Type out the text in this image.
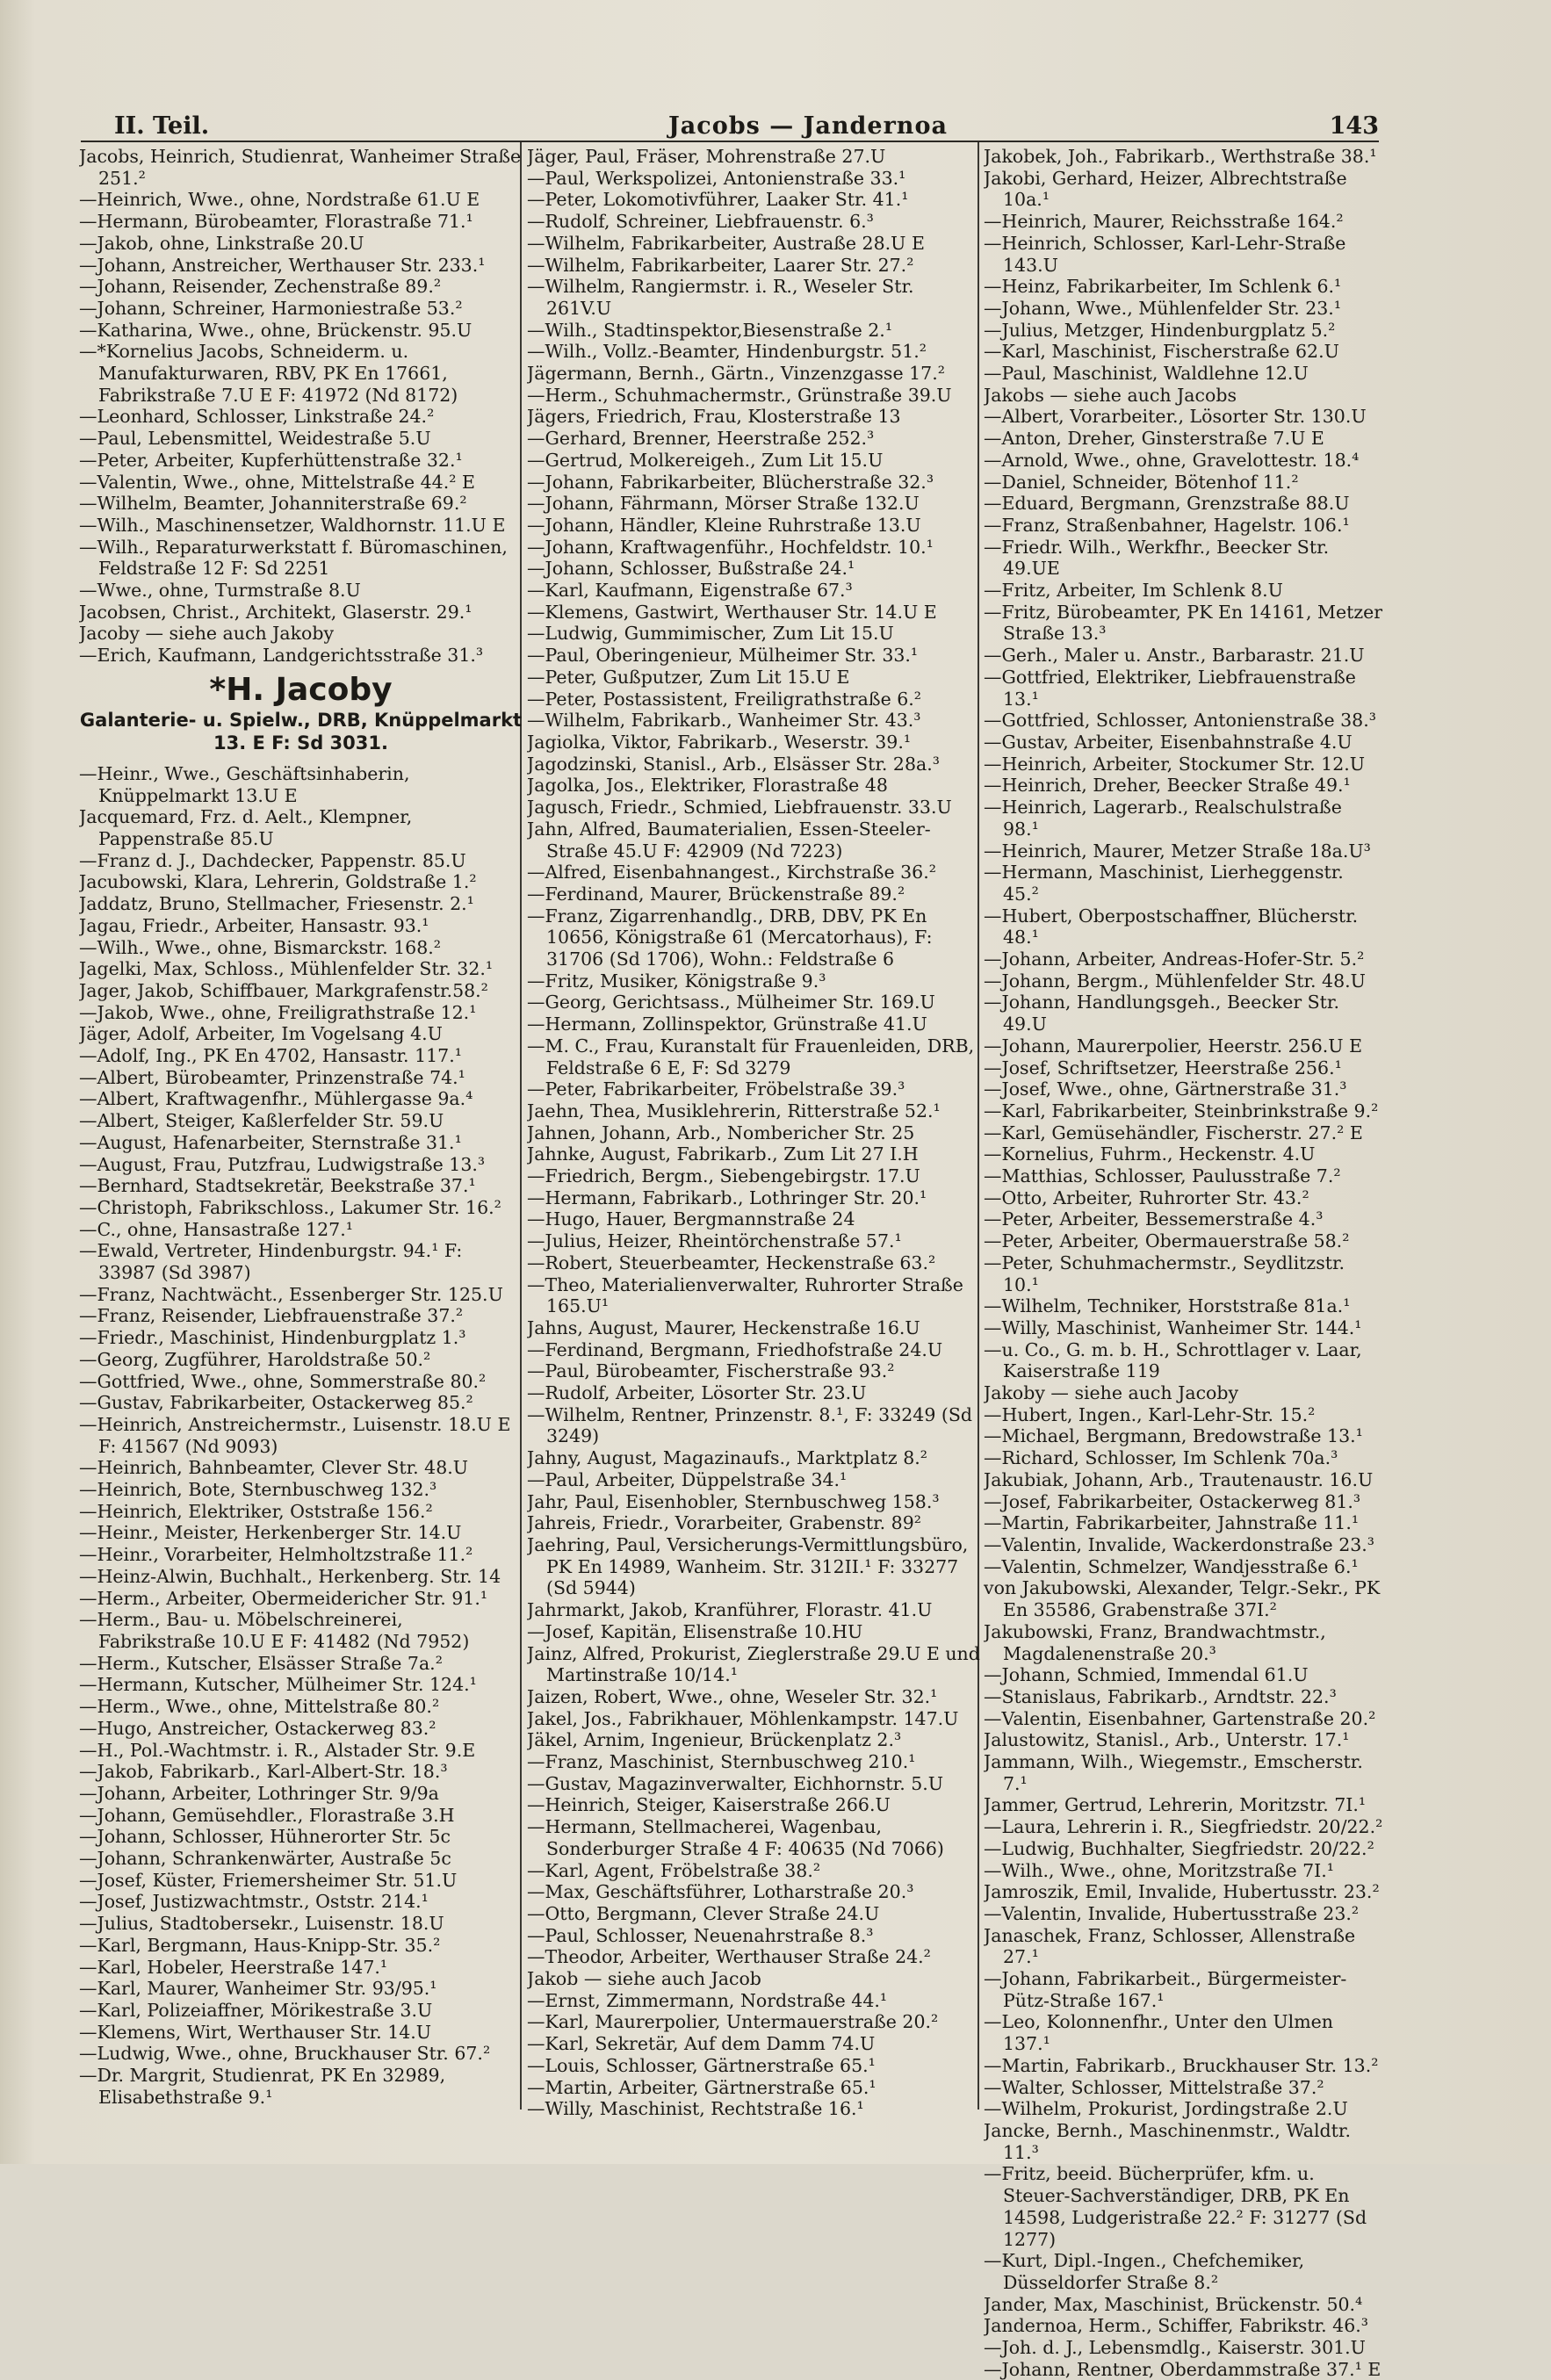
II. Teil.	Jacobs — Jandernoa	143

Jacobs, Heinrich, Studienrat, Wanheimer Straße 251.²

—Heinrich, Wwe., ohne, Nordstraße 61.U E

—Hermann, Bürobeamter, Florastraße 71.¹

—Jakob, ohne, Linkstraße 20.U

—Johann, Anstreicher, Werthauser Str. 233.¹

—Johann, Reisender, Zechenstraße 89.²

—Johann, Schreiner, Harmoniestraße 53.²

—Katharina, Wwe., ohne, Brückenstr. 95.U

—*Kornelius Jacobs, Schneiderm. u. Manufakturwaren, RBV, PK En 17661, Fabrikstraße 7.U E F: 41972 (Nd 8172)

—Leonhard, Schlosser, Linkstraße 24.²

—Paul, Lebensmittel, Weidestraße 5.U

—Peter, Arbeiter, Kupferhüttenstraße 32.¹

—Valentin, Wwe., ohne, Mittelstraße 44.² E

—Wilhelm, Beamter, Johanniterstraße 69.²

—Wilh., Maschinensetzer, Waldhornstr. 11.U E

—Wilh., Reparaturwerkstatt f. Büromaschinen, Feldstraße 12 F: Sd 2251

—Wwe., ohne, Turmstraße 8.U

Jacobsen, Christ., Architekt, Glaserstr. 29.¹

Jacoby — siehe auch Jakoby

—Erich, Kaufmann, Landgerichtsstraße 31.³

*H. Jacoby
Galanterie- u. Spielw., DRB, Knüppelmarkt 13. E F: Sd 3031.

—Heinr., Wwe., Geschäftsinhaberin, Knüppelmarkt 13.U E

Jacquemard, Frz. d. Aelt., Klempner, Pappenstraße 85.U

—Franz d. J., Dachdecker, Pappenstr. 85.U

Jacubowski, Klara, Lehrerin, Goldstraße 1.²

Jaddatz, Bruno, Stellmacher, Friesenstr. 2.¹

Jagau, Friedr., Arbeiter, Hansastr. 93.¹

—Wilh., Wwe., ohne, Bismarckstr. 168.²

Jagelki, Max, Schloss., Mühlenfelder Str. 32.¹

Jager, Jakob, Schiffbauer, Markgrafenstr.58.²

—Jakob, Wwe., ohne, Freiligrathstraße 12.¹

Jäger, Adolf, Arbeiter, Im Vogelsang 4.U

—Adolf, Ing., PK En 4702, Hansastr. 117.¹

—Albert, Bürobeamter, Prinzenstraße 74.¹

—Albert, Kraftwagenfhr., Mühlergasse 9a.⁴

—Albert, Steiger, Kaßlerfelder Str. 59.U

—August, Hafenarbeiter, Sternstraße 31.¹

—August, Frau, Putzfrau, Ludwigstraße 13.³

—Bernhard, Stadtsekretär, Beekstraße 37.¹

—Christoph, Fabrikschloss., Lakumer Str. 16.²

—C., ohne, Hansastraße 127.¹

—Ewald, Vertreter, Hindenburgstr. 94.¹ F: 33987 (Sd 3987)

—Franz, Nachtwächt., Essenberger Str. 125.U

—Franz, Reisender, Liebfrauenstraße 37.²

—Friedr., Maschinist, Hindenburgplatz 1.³

—Georg, Zugführer, Haroldstraße 50.²

—Gottfried, Wwe., ohne, Sommerstraße 80.²

—Gustav, Fabrikarbeiter, Ostackerweg 85.²

—Heinrich, Anstreichermstr., Luisenstr. 18.U E F: 41567 (Nd 9093)

—Heinrich, Bahnbeamter, Clever Str. 48.U

—Heinrich, Bote, Sternbuschweg 132.³

—Heinrich, Elektriker, Oststraße 156.²

—Heinr., Meister, Herkenberger Str. 14.U

—Heinr., Vorarbeiter, Helmholtzstraße 11.²

—Heinz-Alwin, Buchhalt., Herkenberg. Str. 14

—Herm., Arbeiter, Obermeidericher Str. 91.¹

—Herm., Bau- u. Möbelschreinerei, Fabrikstraße 10.U E F: 41482 (Nd 7952)

—Herm., Kutscher, Elsässer Straße 7a.²

—Hermann, Kutscher, Mülheimer Str. 124.¹

—Herm., Wwe., ohne, Mittelstraße 80.²

—Hugo, Anstreicher, Ostackerweg 83.²

—H., Pol.-Wachtmstr. i. R., Alstader Str. 9.E

—Jakob, Fabrikarb., Karl-Albert-Str. 18.³

—Johann, Arbeiter, Lothringer Str. 9/9a

—Johann, Gemüsehdler., Florastraße 3.H

—Johann, Schlosser, Hühnerorter Str. 5c

—Johann, Schrankenwärter, Austraße 5c

—Josef, Küster, Friemersheimer Str. 51.U

—Josef, Justizwachtmstr., Oststr. 214.¹

—Julius, Stadtobersekr., Luisenstr. 18.U

—Karl, Bergmann, Haus-Knipp-Str. 35.²

—Karl, Hobeler, Heerstraße 147.¹

—Karl, Maurer, Wanheimer Str. 93/95.¹

—Karl, Polizeiaffner, Mörikestraße 3.U

—Klemens, Wirt, Werthauser Str. 14.U

—Ludwig, Wwe., ohne, Bruckhauser Str. 67.²

—Dr. Margrit, Studienrat, PK En 32989, Elisabethstraße 9.¹

Jäger, Paul, Fräser, Mohrenstraße 27.U

—Paul, Werkspolizei, Antonienstraße 33.¹

—Peter, Lokomotivführer, Laaker Str. 41.¹

—Rudolf, Schreiner, Liebfrauenstr. 6.³

—Wilhelm, Fabrikarbeiter, Austraße 28.U E

—Wilhelm, Fabrikarbeiter, Laarer Str. 27.²

—Wilhelm, Rangiermstr. i. R., Weseler Str. 261V.U

—Wilh., Stadtinspektor,Biesenstraße 2.¹

—Wilh., Vollz.-Beamter, Hindenburgstr. 51.²

Jägermann, Bernh., Gärtn., Vinzenzgasse 17.²

—Herm., Schuhmachermstr., Grünstraße 39.U

Jägers, Friedrich, Frau, Klosterstraße 13

—Gerhard, Brenner, Heerstraße 252.³

—Gertrud, Molkereigeh., Zum Lit 15.U

—Johann, Fabrikarbeiter, Blücherstraße 32.³

—Johann, Fährmann, Mörser Straße 132.U

—Johann, Händler, Kleine Ruhrstraße 13.U

—Johann, Kraftwagenführ., Hochfeldstr. 10.¹

—Johann, Schlosser, Bußstraße 24.¹

—Karl, Kaufmann, Eigenstraße 67.³

—Klemens, Gastwirt, Werthauser Str. 14.U E

—Ludwig, Gummimischer, Zum Lit 15.U

—Paul, Oberingenieur, Mülheimer Str. 33.¹

—Peter, Gußputzer, Zum Lit 15.U E

—Peter, Postassistent, Freiligrathstraße 6.²

—Wilhelm, Fabrikarb., Wanheimer Str. 43.³

Jagiolka, Viktor, Fabrikarb., Weserstr. 39.¹

Jagodzinski, Stanisl., Arb., Elsässer Str. 28a.³

Jagolka, Jos., Elektriker, Florastraße 48

Jagusch, Friedr., Schmied, Liebfrauenstr. 33.U

Jahn, Alfred, Baumaterialien, Essen-Steeler-Straße 45.U F: 42909 (Nd 7223)

—Alfred, Eisenbahnangest., Kirchstraße 36.²

—Ferdinand, Maurer, Brückenstraße 89.²

—Franz, Zigarrenhandlg., DRB, DBV, PK En 10656, Königstraße 61 (Mercatorhaus), F: 31706 (Sd 1706), Wohn.: Feldstraße 6

—Fritz, Musiker, Königstraße 9.³

—Georg, Gerichtsass., Mülheimer Str. 169.U

—Hermann, Zollinspektor, Grünstraße 41.U

—M. C., Frau, Kuranstalt für Frauenleiden, DRB, Feldstraße 6 E, F: Sd 3279

—Peter, Fabrikarbeiter, Fröbelstraße 39.³

Jaehn, Thea, Musiklehrerin, Ritterstraße 52.¹

Jahnen, Johann, Arb., Nombericher Str. 25

Jahnke, August, Fabrikarb., Zum Lit 27 I.H

—Friedrich, Bergm., Siebengebirgstr. 17.U

—Hermann, Fabrikarb., Lothringer Str. 20.¹

—Hugo, Hauer, Bergmannstraße 24

—Julius, Heizer, Rheintörchenstraße 57.¹

—Robert, Steuerbeamter, Heckenstraße 63.²

—Theo, Materialienverwalter, Ruhrorter Straße 165.U¹

Jahns, August, Maurer, Heckenstraße 16.U

—Ferdinand, Bergmann, Friedhofstraße 24.U

—Paul, Bürobeamter, Fischerstraße 93.²

—Rudolf, Arbeiter, Lösorter Str. 23.U

—Wilhelm, Rentner, Prinzenstr. 8.¹, F: 33249 (Sd 3249)

Jahny, August, Magazinaufs., Marktplatz 8.²

—Paul, Arbeiter, Düppelstraße 34.¹

Jahr, Paul, Eisenhobler, Sternbuschweg 158.³

Jahreis, Friedr., Vorarbeiter, Grabenstr. 89²

Jaehring, Paul, Versicherungs-Vermittlungsbüro, PK En 14989, Wanheim. Str. 312II.¹ F: 33277 (Sd 5944)

Jahrmarkt, Jakob, Kranführer, Florastr. 41.U

—Josef, Kapitän, Elisenstraße 10.HU

Jainz, Alfred, Prokurist, Zieglerstraße 29.U E und Martinstraße 10/14.¹

Jaizen, Robert, Wwe., ohne, Weseler Str. 32.¹

Jakel, Jos., Fabrikhauer, Möhlenkampstr. 147.U

Jäkel, Arnim, Ingenieur, Brückenplatz 2.³

—Franz, Maschinist, Sternbuschweg 210.¹

—Gustav, Magazinverwalter, Eichhornstr. 5.U

—Heinrich, Steiger, Kaiserstraße 266.U

—Hermann, Stellmacherei, Wagenbau, Sonderburger Straße 4 F: 40635 (Nd 7066)

—Karl, Agent, Fröbelstraße 38.²

—Max, Geschäftsführer, Lotharstraße 20.³

—Otto, Bergmann, Clever Straße 24.U

—Paul, Schlosser, Neuenahrstraße 8.³

—Theodor, Arbeiter, Werthauser Straße 24.²

Jakob — siehe auch Jacob

—Ernst, Zimmermann, Nordstraße 44.¹

—Karl, Maurerpolier, Untermauerstraße 20.²

—Karl, Sekretär, Auf dem Damm 74.U

—Louis, Schlosser, Gärtnerstraße 65.¹

—Martin, Arbeiter, Gärtnerstraße 65.¹

—Willy, Maschinist, Rechtstraße 16.¹

Jakobek, Joh., Fabrikarb., Werthstraße 38.¹

Jakobi, Gerhard, Heizer, Albrechtstraße 10a.¹

—Heinrich, Maurer, Reichsstraße 164.²

—Heinrich, Schlosser, Karl-Lehr-Straße 143.U

—Heinz, Fabrikarbeiter, Im Schlenk 6.¹

—Johann, Wwe., Mühlenfelder Str. 23.¹

—Julius, Metzger, Hindenburgplatz 5.²

—Karl, Maschinist, Fischerstraße 62.U

—Paul, Maschinist, Waldlehne 12.U

Jakobs — siehe auch Jacobs

—Albert, Vorarbeiter., Lösorter Str. 130.U

—Anton, Dreher, Ginsterstraße 7.U E

—Arnold, Wwe., ohne, Gravelottestr. 18.⁴

—Daniel, Schneider, Bötenhof 11.²

—Eduard, Bergmann, Grenzstraße 88.U

—Franz, Straßenbahner, Hagelstr. 106.¹

—Friedr. Wilh., Werkfhr., Beecker Str. 49.UE

—Fritz, Arbeiter, Im Schlenk 8.U

—Fritz, Bürobeamter, PK En 14161, Metzer Straße 13.³

—Gerh., Maler u. Anstr., Barbarastr. 21.U

—Gottfried, Elektriker, Liebfrauenstraße 13.¹

—Gottfried, Schlosser, Antonienstraße 38.³

—Gustav, Arbeiter, Eisenbahnstraße 4.U

—Heinrich, Arbeiter, Stockumer Str. 12.U

—Heinrich, Dreher, Beecker Straße 49.¹

—Heinrich, Lagerarb., Realschulstraße 98.¹

—Heinrich, Maurer, Metzer Straße 18a.U³

—Hermann, Maschinist, Lierheggenstr. 45.²

—Hubert, Oberpostschaffner, Blücherstr. 48.¹

—Johann, Arbeiter, Andreas-Hofer-Str. 5.²

—Johann, Bergm., Mühlenfelder Str. 48.U

—Johann, Handlungsgeh., Beecker Str. 49.U

—Johann, Maurerpolier, Heerstr. 256.U E

—Josef, Schriftsetzer, Heerstraße 256.¹

—Josef, Wwe., ohne, Gärtnerstraße 31.³

—Karl, Fabrikarbeiter, Steinbrinkstraße 9.²

—Karl, Gemüsehändler, Fischerstr. 27.² E

—Kornelius, Fuhrm., Heckenstr. 4.U

—Matthias, Schlosser, Paulusstraße 7.²

—Otto, Arbeiter, Ruhrorter Str. 43.²

—Peter, Arbeiter, Bessemerstraße 4.³

—Peter, Arbeiter, Obermauerstraße 58.²

—Peter, Schuhmachermstr., Seydlitzstr. 10.¹

—Wilhelm, Techniker, Horststraße 81a.¹

—Willy, Maschinist, Wanheimer Str. 144.¹

—u. Co., G. m. b. H., Schrottlager v. Laar, Kaiserstraße 119

Jakoby — siehe auch Jacoby

—Hubert, Ingen., Karl-Lehr-Str. 15.²

—Michael, Bergmann, Bredowstraße 13.¹

—Richard, Schlosser, Im Schlenk 70a.³

Jakubiak, Johann, Arb., Trautenaustr. 16.U

—Josef, Fabrikarbeiter, Ostackerweg 81.³

—Martin, Fabrikarbeiter, Jahnstraße 11.¹

—Valentin, Invalide, Wackerdonstraße 23.³

—Valentin, Schmelzer, Wandjesstraße 6.¹

von Jakubowski, Alexander, Telgr.-Sekr., PK En 35586, Grabenstraße 37I.²

Jakubowski, Franz, Brandwachtmstr., Magdalenenstraße 20.³

—Johann, Schmied, Immendal 61.U

—Stanislaus, Fabrikarb., Arndtstr. 22.³

—Valentin, Eisenbahner, Gartenstraße 20.²

Jalustowitz, Stanisl., Arb., Unterstr. 17.¹

Jammann, Wilh., Wiegemstr., Emscherstr. 7.¹

Jammer, Gertrud, Lehrerin, Moritzstr. 7I.¹

—Laura, Lehrerin i. R., Siegfriedstr. 20/22.²

—Ludwig, Buchhalter, Siegfriedstr. 20/22.²

—Wilh., Wwe., ohne, Moritzstraße 7I.¹

Jamroszik, Emil, Invalide, Hubertusstr. 23.²

—Valentin, Invalide, Hubertusstraße 23.²

Janaschek, Franz, Schlosser, Allenstraße 27.¹

—Johann, Fabrikarbeit., Bürgermeister-Pütz-Straße 167.¹

—Leo, Kolonnenfhr., Unter den Ulmen 137.¹

—Martin, Fabrikarb., Bruckhauser Str. 13.²

—Walter, Schlosser, Mittelstraße 37.²

—Wilhelm, Prokurist, Jordingstraße 2.U

Jancke, Bernh., Maschinenmstr., Waldtr. 11.³

—Fritz, beeid. Bücherprüfer, kfm. u. Steuer-Sachverständiger, DRB, PK En 14598, Ludgeristraße 22.² F: 31277 (Sd 1277)

—Kurt, Dipl.-Ingen., Chefchemiker, Düsseldorfer Straße 8.²

Jander, Max, Maschinist, Brückenstr. 50.⁴

Jandernoa, Herm., Schiffer, Fabrikstr. 46.³

—Joh. d. J., Lebensmdlg., Kaiserstr. 301.U

—Johann, Rentner, Oberdammstraße 37.¹ E
